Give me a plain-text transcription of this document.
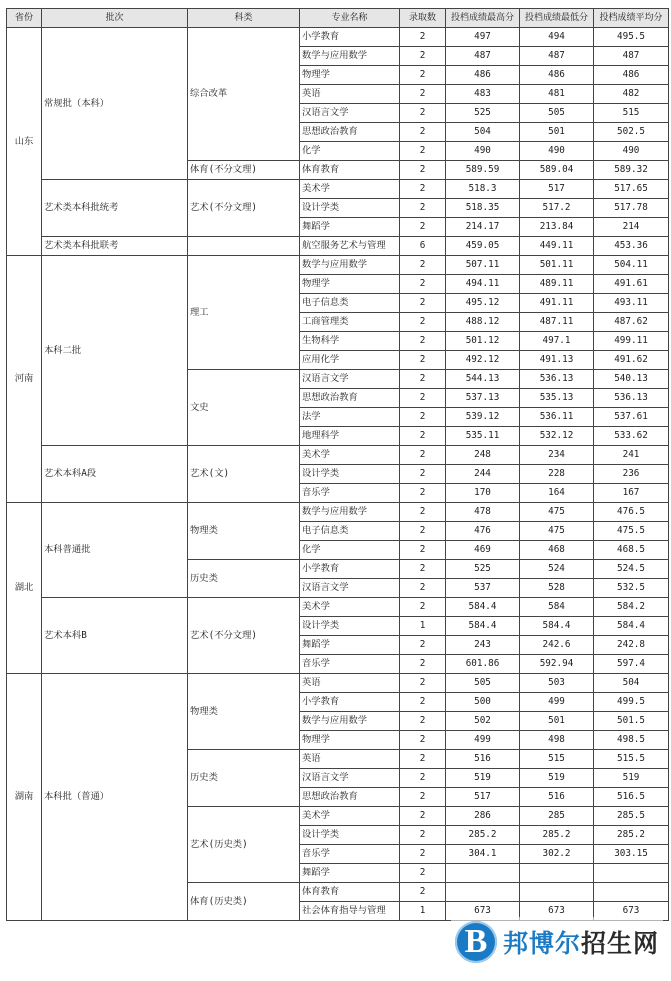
省份	批次	科类	专业名称	录取数	投档成绩最高分	投档成绩最低分	投档成绩平均分
山东	常规批（本科）	综合改革	小学教育	2	497	494	495.5
			数学与应用数学	2	487	487	487
			物理学	2	486	486	486
			英语	2	483	481	482
			汉语言文学	2	525	505	515
			思想政治教育	2	504	501	502.5
			化学	2	490	490	490
		体育(不分文理)	体育教育	2	589.59	589.04	589.32
	艺术类本科批统考	艺术(不分文理)	美术学	2	518.3	517	517.65
			设计学类	2	518.35	517.2	517.78
			舞蹈学	2	214.17	213.84	214
	艺术类本科批联考		航空服务艺术与管理	6	459.05	449.11	453.36
河南	本科二批	理工	数学与应用数学	2	507.11	501.11	504.11
			物理学	2	494.11	489.11	491.61
			电子信息类	2	495.12	491.11	493.11
			工商管理类	2	488.12	487.11	487.62
			生物科学	2	501.12	497.1	499.11
			应用化学	2	492.12	491.13	491.62
		文史	汉语言文学	2	544.13	536.13	540.13
			思想政治教育	2	537.13	535.13	536.13
			法学	2	539.12	536.11	537.61
			地理科学	2	535.11	532.12	533.62
	艺术本科A段	艺术(文)	美术学	2	248	234	241
			设计学类	2	244	228	236
			音乐学	2	170	164	167
湖北	本科普通批	物理类	数学与应用数学	2	478	475	476.5
			电子信息类	2	476	475	475.5
			化学	2	469	468	468.5
		历史类	小学教育	2	525	524	524.5
			汉语言文学	2	537	528	532.5
	艺术本科B	艺术(不分文理)	美术学	2	584.4	584	584.2
			设计学类	1	584.4	584.4	584.4
			舞蹈学	2	243	242.6	242.8
			音乐学	2	601.86	592.94	597.4
湖南	本科批（普通）	物理类	英语	2	505	503	504
			小学教育	2	500	499	499.5
			数学与应用数学	2	502	501	501.5
			物理学	2	499	498	498.5
		历史类	英语	2	516	515	515.5
			汉语言文学	2	519	519	519
			思想政治教育	2	517	516	516.5
		艺术(历史类)	美术学	2	286	285	285.5
			设计学类	2	285.2	285.2	285.2
			音乐学	2	304.1	302.2	303.15
			舞蹈学	2			
		体育(历史类)	体育教育	2			
			社会体育指导与管理	1	673	673	673
B 邦博尔招生网
